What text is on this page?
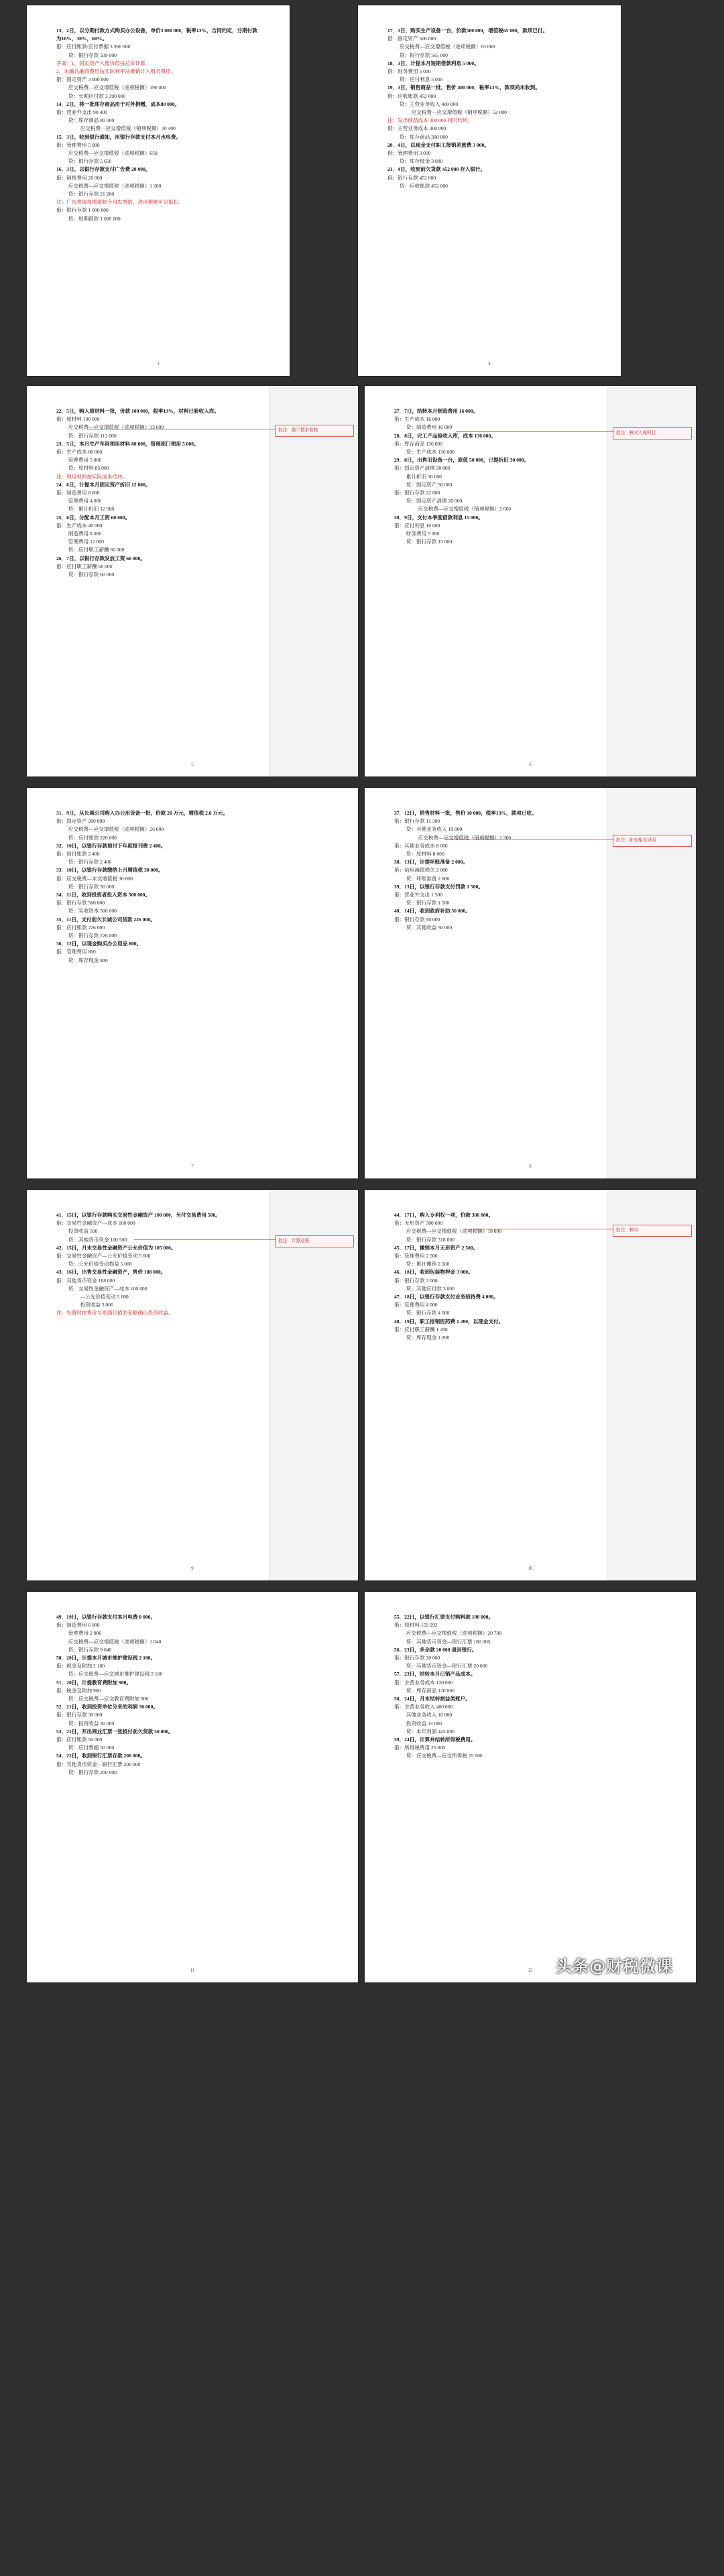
13．2日，以分期付款方式购买办公设备，单价3 000 000，税率13%，合同约定，分期付款为10%，30%，60%。
借：应付账款/应付票据 3 390 000
贷：银行存款 339 000
答案：1．固定资产入账价值按总价计算。
2．未确认融资费用按实际利率法摊销计入财务费用。
借：固定资产 3 000 000
应交税费—应交增值税（进项税额）390 000
贷：长期应付款 3 390 000
14．2日，将一批库存商品用于对外捐赠，成本80 000。
借：营业外支出 90 400
贷：库存商品 80 000
应交税费—应交增值税（销项税额）10 400
15．3日，收到银行通知，用银行存款支付本月水电费。
借：管理费用 5 000
应交税费—应交增值税（进项税额）650
贷：银行存款 5 650
16．3日，以银行存款支付广告费 20 000。
借：销售费用 20 000
应交税费—应交增值税（进项税额）1 200
贷：银行存款 21 200
注：广告费取得增值税专用发票的，进项税额可以抵扣。
借：银行存款 1 000 000
贷：短期借款 1 000 000
3
17．3日，购买生产设备一台，价款500 000，增值税65 000，款项已付。
借：固定资产 500 000
应交税费—应交增值税（进项税额）65 000
贷：银行存款 565 000
18．3日，计提本月短期借款利息 5 000。
借：财务费用 5 000
贷：应付利息 5 000
19．3日，销售商品一批，售价 400 000，税率13%，款项尚未收到。
借：应收账款 452 000
贷：主营业务收入 400 000
应交税费—应交增值税（销项税额）52 000
注：发出商品成本 300 000 同时结转。
借：主营业务成本 300 000
贷：库存商品 300 000
20．4日，以现金支付职工报销差旅费 3 000。
借：管理费用 3 000
贷：库存现金 3 000
21．4日，收到前欠货款 452 000 存入银行。
借：银行存款 452 000
贷：应收账款 452 000
4
批注：题干数字复核
22．5日，购入原材料一批，价款 100 000，税率13%，材料已验收入库。
借：原材料 100 000
应交税费—应交增值税（进项税额）13 000
贷：银行存款 113 000
23．5日，本月生产车间领用材料 80 000，管理部门领用 5 000。
借：生产成本 80 000
管理费用 5 000
贷：原材料 85 000
注：领用材料按实际成本结转。
24．6日，计提本月固定资产折旧 12 000。
借：制造费用 8 000
管理费用 4 000
贷：累计折旧 12 000
25．6日，分配本月工资 60 000。
借：生产成本 40 000
制造费用 8 000
管理费用 12 000
贷：应付职工薪酬 60 000
26．7日，以银行存款发放工资 60 000。
借：应付职工薪酬 60 000
贷：银行存款 60 000
5
批注：核对入账科目
27．7日，结转本月制造费用 16 000。
借：生产成本 16 000
贷：制造费用 16 000
28．8日，完工产品验收入库，成本 136 000。
借：库存商品 136 000
贷：生产成本 136 000
29．8日，出售旧设备一台，原值 50 000，已提折旧 30 000。
借：固定资产清理 20 000
累计折旧 30 000
贷：固定资产 50 000
借：银行存款 22 600
贷：固定资产清理 20 000
应交税费—应交增值税（销项税额）2 600
30．9日，支付本季度借款利息 15 000。
借：应付利息 10 000
财务费用 5 000
贷：银行存款 15 000
6
31．9日，从长城公司购入办公用设备一批，价款 20 万元，增值税 2.6 万元。
借：固定资产 200 000
应交税费—应交增值税（进项税额）26 000
贷：应付账款 226 000
32．10日，以银行存款预付下年度报刊费 2 400。
借：预付账款 2 400
贷：银行存款 2 400
33．10日，以银行存款缴纳上月增值税 30 000。
借：应交税费—未交增值税 30 000
贷：银行存款 30 000
34．11日，收到投资者投入资本 500 000。
借：银行存款 500 000
贷：实收资本 500 000
35．11日，支付前欠长城公司货款 226 000。
借：应付账款 226 000
贷：银行存款 226 000
36．12日，以现金购买办公用品 800。
借：管理费用 800
贷：库存现金 800
7
批注：补充相关说明
37．12日，销售材料一批，售价 10 000，税率13%，款项已收。
借：银行存款 11 300
贷：其他业务收入 10 000
应交税费—应交增值税（销项税额）1 300
借：其他业务成本 8 000
贷：原材料 8 000
38．13日，计提坏账准备 2 000。
借：信用减值损失 2 000
贷：坏账准备 2 000
39．13日，以银行存款支付罚款 1 500。
借：营业外支出 1 500
贷：银行存款 1 500
40．14日，收到政府补助 50 000。
借：银行存款 50 000
贷：其他收益 50 000
8
批注：计算过程
41．15日，以银行存款购买交易性金融资产 100 000，另付交易费用 500。
借：交易性金融资产—成本 100 000
投资收益 500
贷：其他货币资金 100 500
42．15日，月末交易性金融资产公允价值为 105 000。
借：交易性金融资产—公允价值变动 5 000
贷：公允价值变动损益 5 000
43．16日，出售交易性金融资产，售价 108 000。
借：其他货币资金 108 000
贷：交易性金融资产—成本 100 000
—公允价值变动 5 000
投资收益 3 000
注：处置时按售价与账面价值的差额确认投资收益。
9
批注：核对
44．17日，购入专利权一项，价款 300 000。
借：无形资产 300 000
应交税费—应交增值税（进项税额）18 000
贷：银行存款 318 000
45．17日，摊销本月无形资产 2 500。
借：管理费用 2 500
贷：累计摊销 2 500
46．18日，收到包装物押金 3 000。
借：银行存款 3 000
贷：其他应付款 3 000
47．18日，以银行存款支付业务招待费 4 000。
借：管理费用 4 000
贷：银行存款 4 000
48．19日，职工报销医药费 1 200，以现金支付。
借：应付职工薪酬 1 200
贷：库存现金 1 200
10
49．19日，以银行存款支付本月电费 8 000。
借：制造费用 6 000
管理费用 2 000
应交税费—应交增值税（进项税额）1 040
贷：银行存款 9 040
50．20日，计提本月城市维护建设税 2 100。
借：税金及附加 2 100
贷：应交税费—应交城市维护建设税 2 100
51．20日，计提教育费附加 900。
借：税金及附加 900
贷：应交税费—应交教育费附加 900
52．21日，收到投资单位分来的利润 30 000。
借：银行存款 30 000
贷：投资收益 30 000
53．21日，开出商业汇票一张抵付前欠货款 50 000。
借：应付账款 50 000
贷：应付票据 50 000
54．22日，收到银行汇票存款 200 000。
借：其他货币资金—银行汇票 200 000
贷：银行存款 200 000
11
55．22日，以银行汇票支付购料款 180 000。
借：原材料 159 292
应交税费—应交增值税（进项税额）20 708
贷：其他货币资金—银行汇票 180 000
56．23日，多余款 20 000 退回银行。
借：银行存款 20 000
贷：其他货币资金—银行汇票 20 000
57．23日，结转本月已销产品成本。
借：主营业务成本 120 000
贷：库存商品 120 000
58．24日，月末结转损益类账户。
借：主营业务收入 400 000
其他业务收入 10 000
投资收益 33 000
贷：本年利润 443 000
59．24日，计算并结转所得税费用。
借：所得税费用 25 000
贷：应交税费—应交所得税 25 000
12	头条@财税微课
